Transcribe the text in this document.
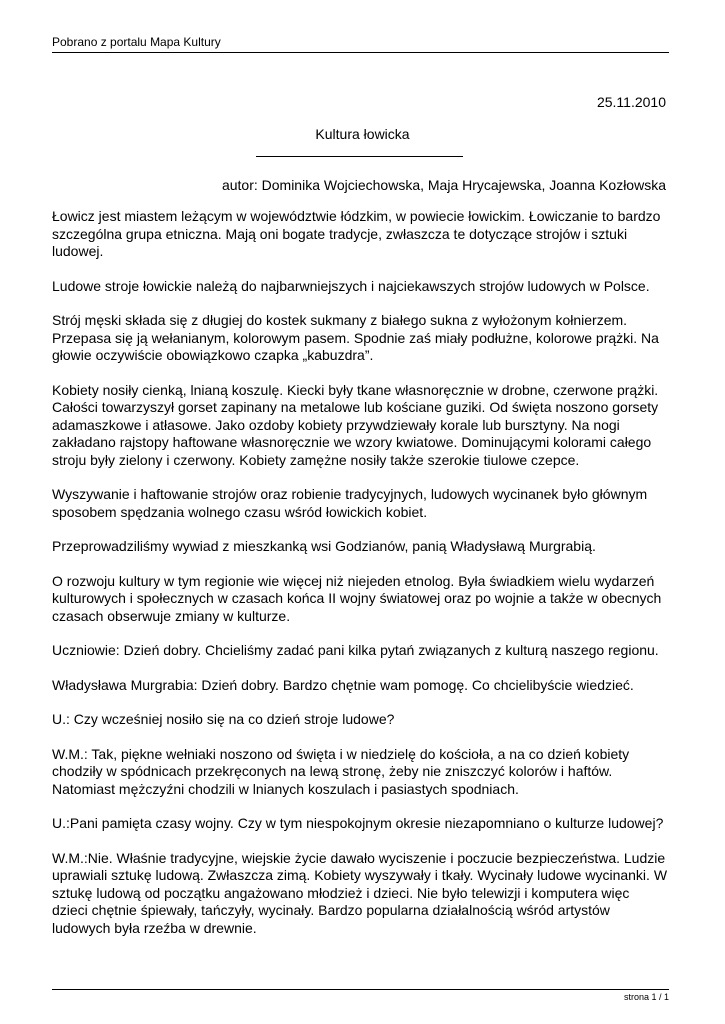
Pobrano z portalu Mapa Kultury
25.11.2010
Kultura łowicka
autor: Dominika Wojciechowska, Maja Hrycajewska, Joanna Kozłowska

Łowicz jest miastem leżącym w województwie łódzkim, w powiecie łowickim. Łowiczanie to bardzo szczególna grupa etniczna. Mają oni bogate tradycje, zwłaszcza te dotyczące strojów i sztuki ludowej.

Ludowe stroje łowickie należą do najbarwniejszych i najciekawszych strojów ludowych w Polsce.

Strój męski składa się z długiej do kostek sukmany z białego sukna z wyłożonym kołnierzem. Przepasa się ją wełanianym, kolorowym pasem. Spodnie zaś miały podłużne, kolorowe prążki. Na głowie oczywiście obowiązkowo czapka „kabuzdra”.

Kobiety nosiły cienką, lnianą koszulę. Kiecki były tkane własnoręcznie w drobne, czerwone prążki. Całości towarzyszył gorset zapinany na metalowe lub kościane guziki. Od święta noszono gorsety adamaszkowe i atłasowe. Jako ozdoby kobiety przywdziewały korale lub bursztyny. Na nogi zakładano rajstopy haftowane własnoręcznie we wzory kwiatowe. Dominującymi kolorami całego stroju były zielony i czerwony. Kobiety zamężne nosiły także szerokie tiulowe czepce.

Wyszywanie i haftowanie strojów oraz robienie tradycyjnych, ludowych wycinanek było głównym sposobem spędzania wolnego czasu wśród łowickich kobiet.

Przeprowadziliśmy wywiad z mieszkanką wsi Godzianów, panią Władysławą Murgrabią.

O rozwoju kultury w tym regionie wie więcej niż niejeden etnolog. Była świadkiem wielu wydarzeń kulturowych i społecznych w czasach końca II wojny światowej oraz po wojnie a także w obecnych czasach obserwuje zmiany w kulturze.

Uczniowie: Dzień dobry. Chcieliśmy zadać pani kilka pytań związanych z kulturą naszego regionu.

Władysława Murgrabia: Dzień dobry. Bardzo chętnie wam pomogę. Co chcielibyście wiedzieć.

U.: Czy wcześniej nosiło się na co dzień stroje ludowe?

W.M.: Tak, piękne wełniaki noszono od święta i w niedzielę do kościoła, a na co dzień kobiety chodziły w spódnicach przekręconych na lewą stronę, żeby nie zniszczyć kolorów i haftów. Natomiast mężczyźni chodzili w lnianych koszulach i pasiastych spodniach.

U.:Pani pamięta czasy wojny. Czy w tym niespokojnym okresie niezapomniano o kulturze ludowej?

W.M.:Nie. Właśnie tradycyjne, wiejskie życie dawało wyciszenie i poczucie bezpieczeństwa. Ludzie uprawiali sztukę ludową. Zwłaszcza zimą. Kobiety wyszywały i tkały. Wycinały ludowe wycinanki. W sztukę ludową od początku angażowano młodzież i dzieci. Nie było telewizji i komputera więc dzieci chętnie śpiewały, tańczyły, wycinały. Bardzo popularna działalnością wśród artystów ludowych była rzeźba w drewnie.

strona 1 / 1
